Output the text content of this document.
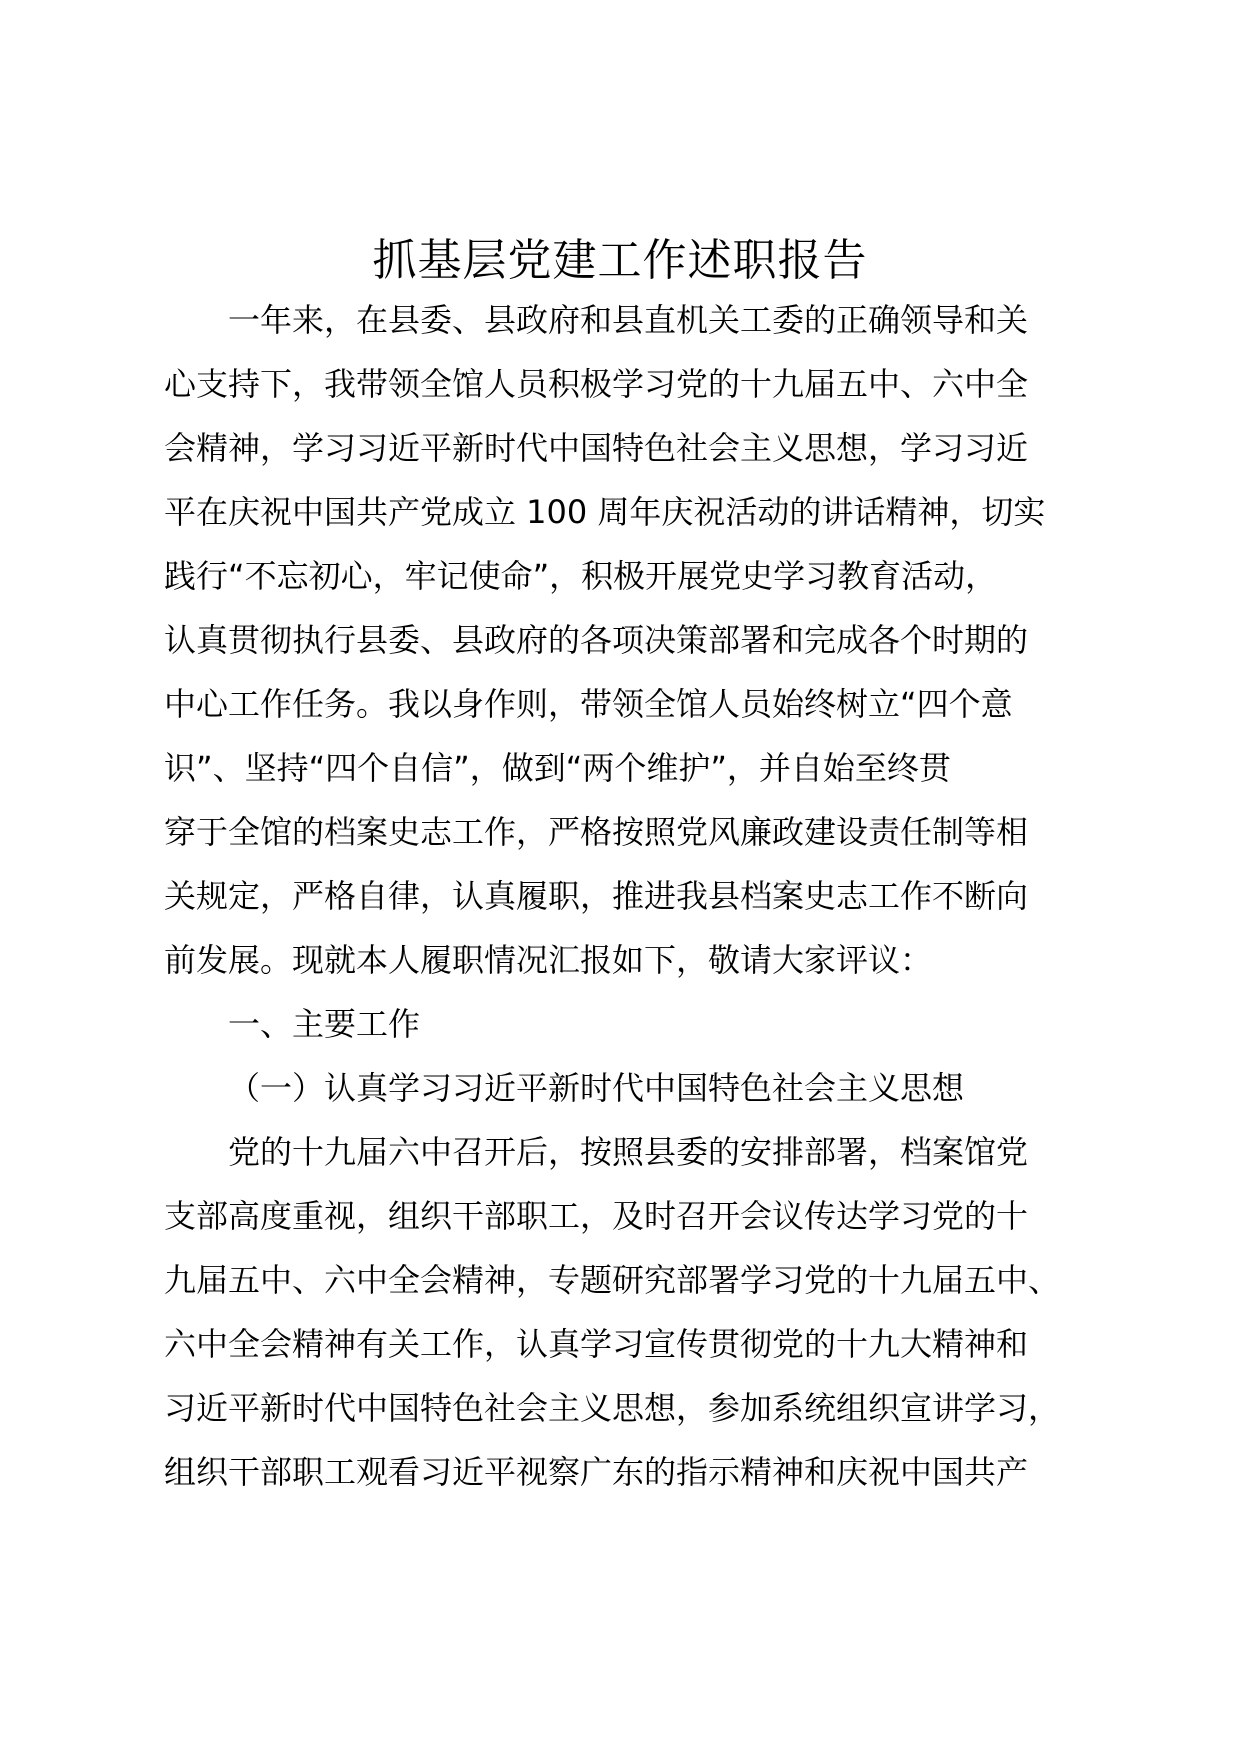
抓基层党建工作述职报告
一年来，在县委、县政府和县直机关工委的正确领导和关
心支持下，我带领全馆人员积极学习党的十九届五中、六中全
会精神，学习习近平新时代中国特色社会主义思想，学习习近
平在庆祝中国共产党成立 100 周年庆祝活动的讲话精神，切实
践行“不忘初心，牢记使命”，积极开展党史学习教育活动，
认真贯彻执行县委、县政府的各项决策部署和完成各个时期的
中心工作任务。我以身作则，带领全馆人员始终树立“四个意
识”、坚持“四个自信”，做到“两个维护”，并自始至终贯
穿于全馆的档案史志工作，严格按照党风廉政建设责任制等相
关规定，严格自律，认真履职，推进我县档案史志工作不断向
前发展。现就本人履职情况汇报如下，敬请大家评议：
一、主要工作
（一）认真学习习近平新时代中国特色社会主义思想
党的十九届六中召开后，按照县委的安排部署，档案馆党
支部高度重视，组织干部职工，及时召开会议传达学习党的十
九届五中、六中全会精神，专题研究部署学习党的十九届五中、
六中全会精神有关工作，认真学习宣传贯彻党的十九大精神和
习近平新时代中国特色社会主义思想，参加系统组织宣讲学习，
组织干部职工观看习近平视察广东的指示精神和庆祝中国共产
